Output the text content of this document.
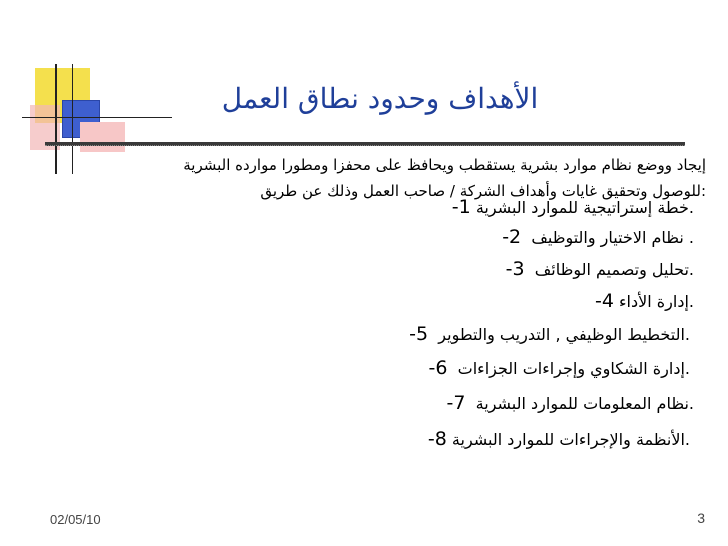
الأهداف وحدود نطاق العمل
إيجاد ووضع نظام موارد بشرية يستقطب ويحافظ على محفزا ومطورا موارده البشرية
:للوصول وتحقيق غايات وأهداف الشركة / صاحب العمل وذلك عن طريق
.خطة إستراتيجية للموارد البشرية 1-
. نظام الاختيار والتوظيف  2-
.تحليل وتصميم الوظائف  3-
.إدارة الأداء 4-
.التخطيط الوظيفي , التدريب والتطوير  5-
.إدارة الشكاوي وإجراءات الجزاءات  6-
.نظام المعلومات للموارد البشرية  7-
.الأنظمة والإجراءات للموارد البشرية 8-
02/05/10	3
